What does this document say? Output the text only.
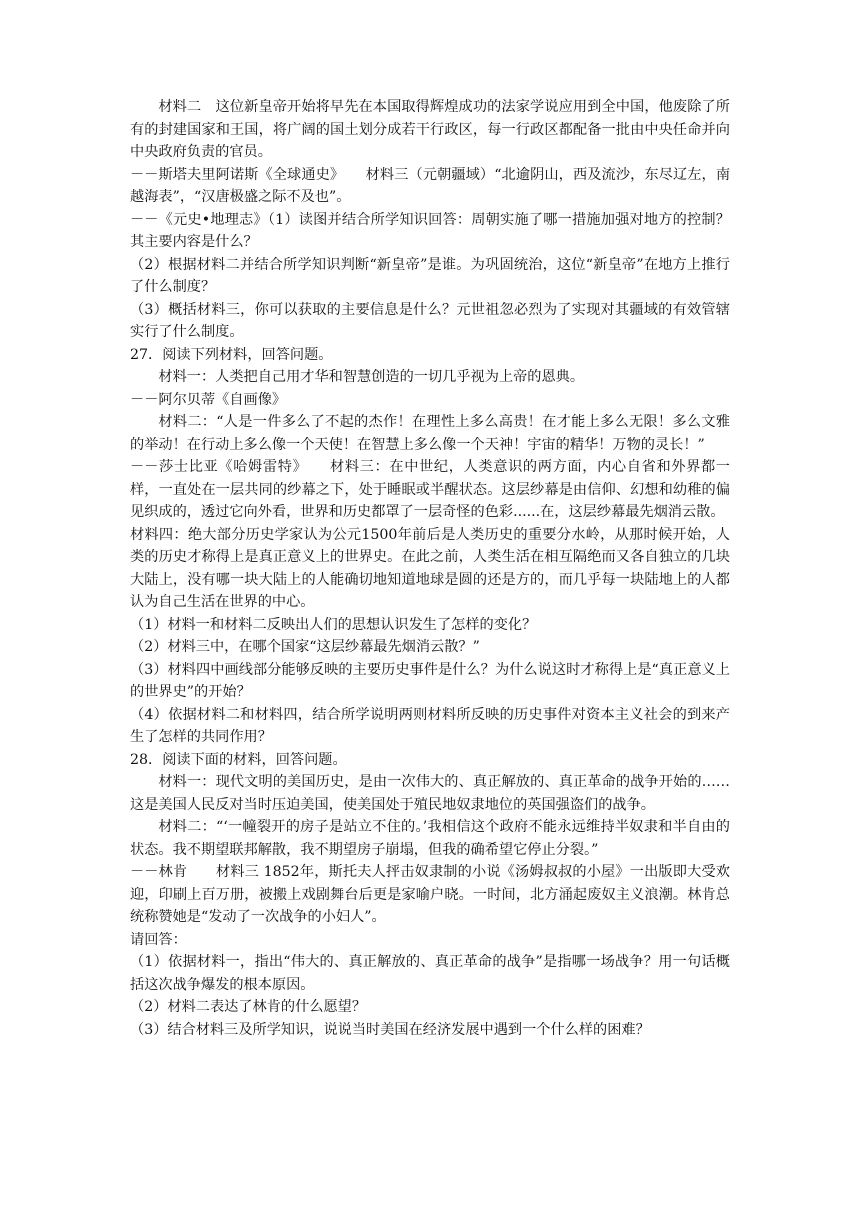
材料二　这位新皇帝开始将早先在本国取得辉煌成功的法家学说应用到全中国，他废除了所有的封建国家和王国，将广阔的国土划分成若干行政区，每一行政区都配备一批由中央任命并向中央政府负责的官员。

－－斯塔夫里阿诺斯《全球通史》　　材料三（元朝疆域）“北逾阴山，西及流沙，东尽辽左，南越海表”，“汉唐极盛之际不及也”。

－－《元史•地理志》（1）读图并结合所学知识回答：周朝实施了哪一措施加强对地方的控制？其主要内容是什么？

（2）根据材料二并结合所学知识判断“新皇帝”是谁。为巩固统治，这位“新皇帝”在地方上推行了什么制度？

（3）概括材料三，你可以获取的主要信息是什么？元世祖忽必烈为了实现对其疆域的有效管辖实行了什么制度。

27．阅读下列材料，回答问题。

材料一：人类把自己用才华和智慧创造的一切几乎视为上帝的恩典。

－－阿尔贝蒂《自画像》

材料二：“人是一件多么了不起的杰作！在理性上多么高贵！在才能上多么无限！多么文雅的举动！在行动上多么像一个天使！在智慧上多么像一个天神！宇宙的精华！万物的灵长！”

－－莎士比亚《哈姆雷特》　　材料三：在中世纪，人类意识的两方面，内心自省和外界都一样，一直处在一层共同的纱幕之下，处于睡眠或半醒状态。这层纱幕是由信仰、幻想和幼稚的偏见织成的，透过它向外看，世界和历史都罩了一层奇怪的色彩......在，这层纱幕最先烟消云散。

材料四：绝大部分历史学家认为公元1500年前后是人类历史的重要分水岭，从那时候开始，人类的历史才称得上是真正意义上的世界史。在此之前，人类生活在相互隔绝而又各自独立的几块大陆上，没有哪一块大陆上的人能确切地知道地球是圆的还是方的，而几乎每一块陆地上的人都认为自己生活在世界的中心。

（1）材料一和材料二反映出人们的思想认识发生了怎样的变化？

（2）材料三中，在哪个国家“这层纱幕最先烟消云散？”

（3）材料四中画线部分能够反映的主要历史事件是什么？为什么说这时才称得上是“真正意义上的世界史”的开始？

（4）依据材料二和材料四，结合所学说明两则材料所反映的历史事件对资本主义社会的到来产生了怎样的共同作用？

28．阅读下面的材料，回答问题。

材料一：现代文明的美国历史，是由一次伟大的、真正解放的、真正革命的战争开始的……这是美国人民反对当时压迫美国，使美国处于殖民地奴隶地位的英国强盗们的战争。

材料二：“‘一幢裂开的房子是站立不住的。’我相信这个政府不能永远维持半奴隶和半自由的状态。我不期望联邦解散，我不期望房子崩塌，但我的确希望它停止分裂。”

－－林肯　　材料三 1852年，斯托夫人抨击奴隶制的小说《汤姆叔叔的小屋》一出版即大受欢迎，印刷上百万册，被搬上戏剧舞台后更是家喻户晓。一时间，北方涌起废奴主义浪潮。林肯总统称赞她是“发动了一次战争的小妇人”。

请回答：

（1）依据材料一，指出“伟大的、真正解放的、真正革命的战争”是指哪一场战争？用一句话概括这次战争爆发的根本原因。

（2）材料二表达了林肯的什么愿望？

（3）结合材料三及所学知识，说说当时美国在经济发展中遇到一个什么样的困难？
